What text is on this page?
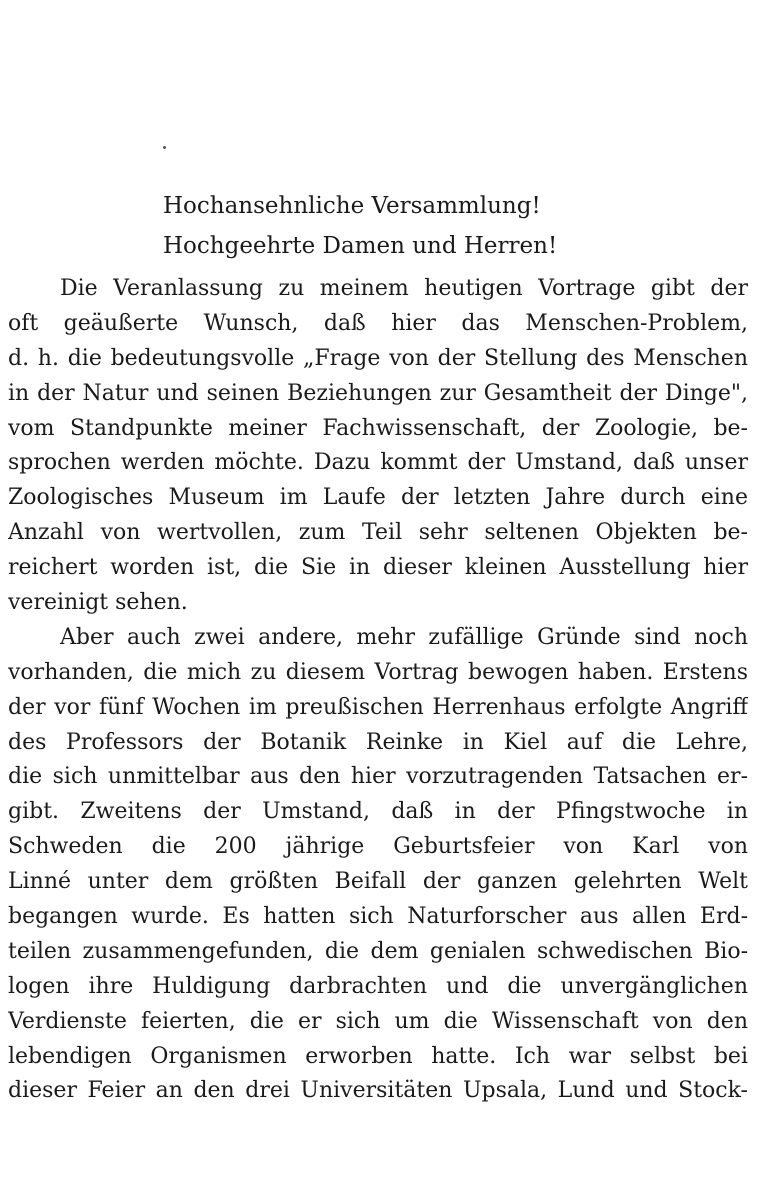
Hochansehnliche Versammlung!
Hochgeehrte Damen und Herren!
Die Veranlassung zu meinem heutigen Vortrage gibt der
oft geäußerte Wunsch, daß hier das Menschen-Problem,
d. h. die bedeutungsvolle „Frage von der Stellung des Menschen
in der Natur und seinen Beziehungen zur Gesamtheit der Dinge",
vom Standpunkte meiner Fachwissenschaft, der Zoologie, be-
sprochen werden möchte. Dazu kommt der Umstand, daß unser
Zoologisches Museum im Laufe der letzten Jahre durch eine
Anzahl von wertvollen, zum Teil sehr seltenen Objekten be-
reichert worden ist, die Sie in dieser kleinen Ausstellung hier
vereinigt sehen.
Aber auch zwei andere, mehr zufällige Gründe sind noch
vorhanden, die mich zu diesem Vortrag bewogen haben. Erstens
der vor fünf Wochen im preußischen Herrenhaus erfolgte Angriff
des Professors der Botanik Reinke in Kiel auf die Lehre,
die sich unmittelbar aus den hier vorzutragenden Tatsachen er-
gibt. Zweitens der Umstand, daß in der Pfingstwoche in
Schweden die 200 jährige Geburtsfeier von Karl von
Linné unter dem größten Beifall der ganzen gelehrten Welt
begangen wurde. Es hatten sich Naturforscher aus allen Erd-
teilen zusammengefunden, die dem genialen schwedischen Bio-
logen ihre Huldigung darbrachten und die unvergänglichen
Verdienste feierten, die er sich um die Wissenschaft von den
lebendigen Organismen erworben hatte. Ich war selbst bei
dieser Feier an den drei Universitäten Upsala, Lund und Stock-
